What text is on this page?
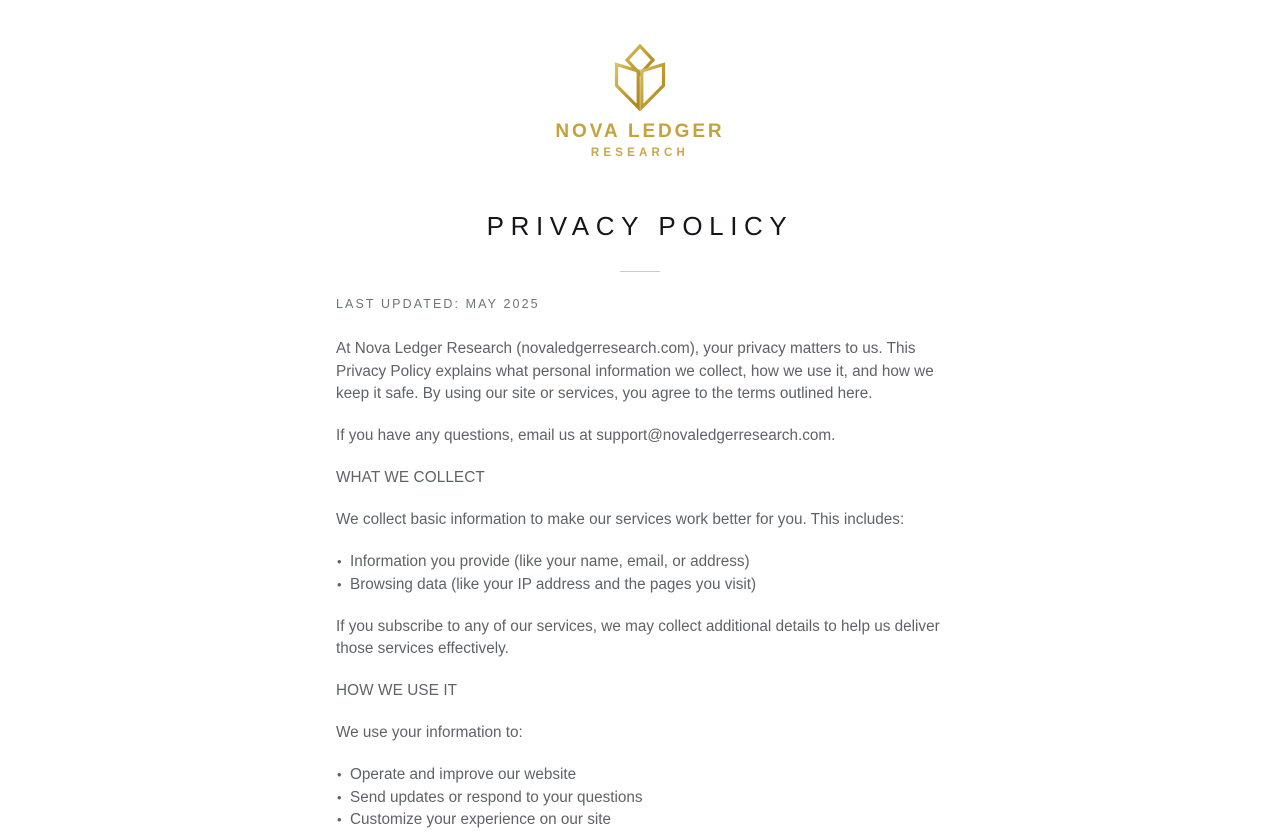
NOVA LEDGER
RESEARCH
PRIVACY POLICY
LAST UPDATED: MAY 2025

At Nova Ledger Research (novaledgerresearch.com), your privacy matters to us. This Privacy Policy explains what personal information we collect, how we use it, and how we keep it safe. By using our site or services, you agree to the terms outlined here.

If you have any questions, email us at support@novaledgerresearch.com.

WHAT WE COLLECT

We collect basic information to make our services work better for you. This includes:

• Information you provide (like your name, email, or address)
• Browsing data (like your IP address and the pages you visit)

If you subscribe to any of our services, we may collect additional details to help us deliver those services effectively.

HOW WE USE IT

We use your information to:

• Operate and improve our website
• Send updates or respond to your questions
• Customize your experience on our site
